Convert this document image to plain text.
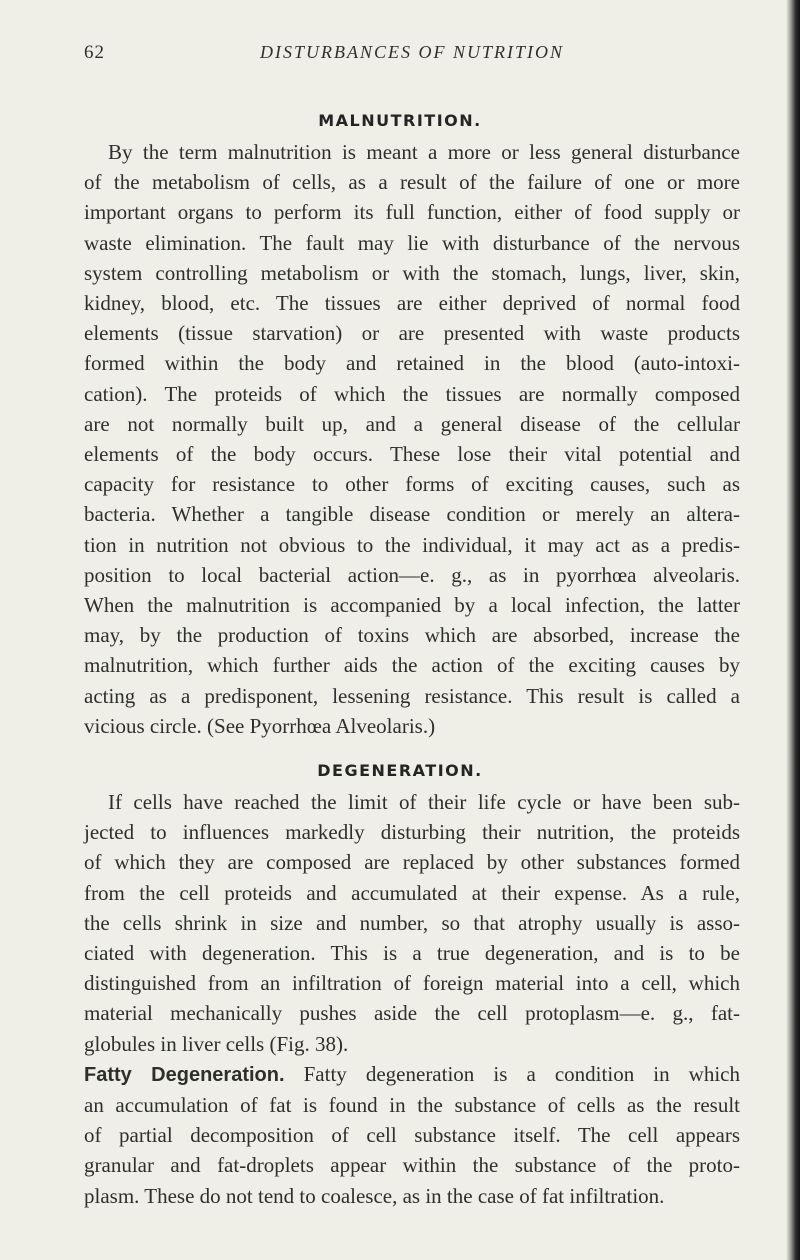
62	DISTURBANCES OF NUTRITION
MALNUTRITION.
By the term malnutrition is meant a more or less general disturbance
of the metabolism of cells, as a result of the failure of one or more
important organs to perform its full function, either of food supply or
waste elimination. The fault may lie with disturbance of the nervous
system controlling metabolism or with the stomach, lungs, liver, skin,
kidney, blood, etc. The tissues are either deprived of normal food
elements (tissue starvation) or are presented with waste products
formed within the body and retained in the blood (auto-intoxi-
cation). The proteids of which the tissues are normally composed
are not normally built up, and a general disease of the cellular
elements of the body occurs. These lose their vital potential and
capacity for resistance to other forms of exciting causes, such as
bacteria. Whether a tangible disease condition or merely an altera-
tion in nutrition not obvious to the individual, it may act as a predis-
position to local bacterial action—e. g., as in pyorrhœa alveolaris.
When the malnutrition is accompanied by a local infection, the latter
may, by the production of toxins which are absorbed, increase the
malnutrition, which further aids the action of the exciting causes by
acting as a predisponent, lessening resistance. This result is called a
vicious circle. (See Pyorrhœa Alveolaris.)
DEGENERATION.
If cells have reached the limit of their life cycle or have been sub-
jected to influences markedly disturbing their nutrition, the proteids
of which they are composed are replaced by other substances formed
from the cell proteids and accumulated at their expense. As a rule,
the cells shrink in size and number, so that atrophy usually is asso-
ciated with degeneration. This is a true degeneration, and is to be
distinguished from an infiltration of foreign material into a cell, which
material mechanically pushes aside the cell protoplasm—e. g., fat-
globules in liver cells (Fig. 38).
Fatty Degeneration. Fatty degeneration is a condition in which
an accumulation of fat is found in the substance of cells as the result
of partial decomposition of cell substance itself. The cell appears
granular and fat-droplets appear within the substance of the proto-
plasm. These do not tend to coalesce, as in the case of fat infiltration.
